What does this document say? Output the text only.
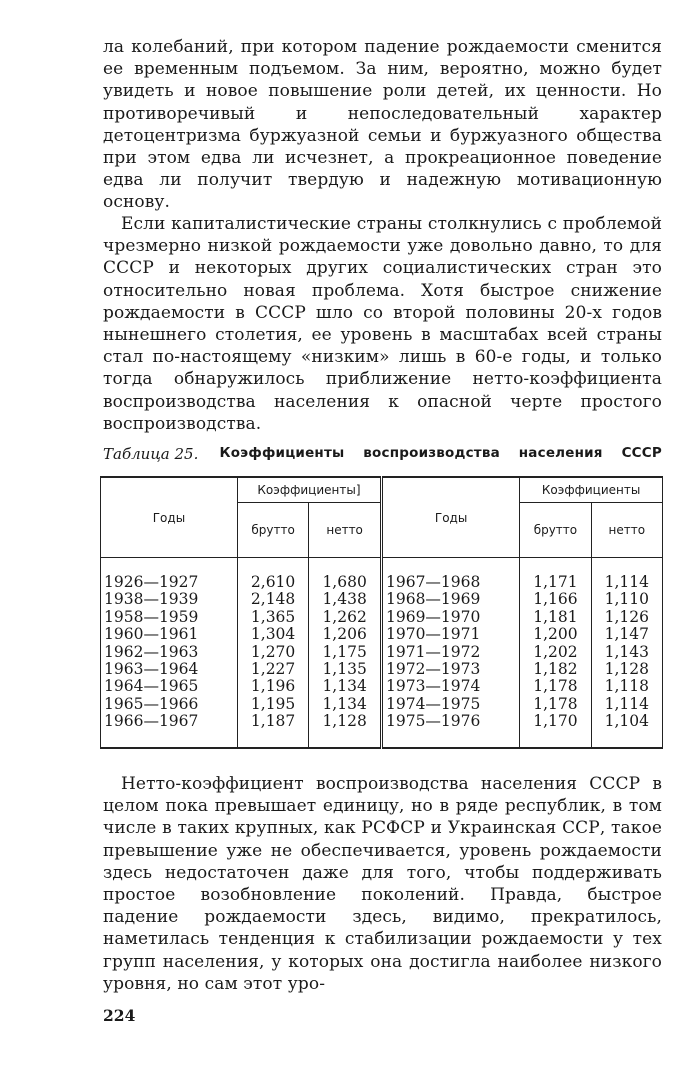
ла колебаний, при котором падение рождаемости сменится ее временным подъемом. За ним, вероятно, можно будет увидеть и новое повышение роли детей, их ценности. Но противоречивый и непоследовательный характер детоцентризма буржуазной семьи и буржуазного общества при этом едва ли исчезнет, а прокреационное поведение едва ли получит твердую и надежную мотивационную основу.

Если капиталистические страны столкнулись с проблемой чрезмерно низкой рождаемости уже довольно давно, то для СССР и некоторых других социалистических стран это относительно новая проблема. Хотя быстрое снижение рождаемости в СССР шло со второй половины 20-х годов нынешнего столетия, ее уровень в масштабах всей страны стал по-настоящему «низким» лишь в 60-е годы, и только тогда обнаружилось приближение нетто-коэффициента воспроизводства населения к опасной черте простого воспроизводства.

Таблица 25. Коэффициенты воспроизводства населения СССР
Годы	Коэффициенты]		Годы	Коэффициенты	
	брутто	нетто		брутто	нетто
1926—1927	2,610	1,680	1967—1968	1,171	1,114
1938—1939	2,148	1,438	1968—1969	1,166	1,110
1958—1959	1,365	1,262	1969—1970	1,181	1,126
1960—1961	1,304	1,206	1970—1971	1,200	1,147
1962—1963	1,270	1,175	1971—1972	1,202	1,143
1963—1964	1,227	1,135	1972—1973	1,182	1,128
1964—1965	1,196	1,134	1973—1974	1,178	1,118
1965—1966	1,195	1,134	1974—1975	1,178	1,114
1966—1967	1,187	1,128	1975—1976	1,170	1,104

Нетто-коэффициент воспроизводства населения СССР в целом пока превышает единицу, но в ряде республик, в том числе в таких крупных, как РСФСР и Украинская ССР, такое превышение уже не обеспечивается, уровень рождаемости здесь недостаточен даже для того, чтобы поддерживать простое возобновление поколений. Правда, быстрое падение рождаемости здесь, видимо, прекратилось, наметилась тенденция к стабилизации рождаемости у тех групп населения, у которых она достигла наиболее низкого уровня, но сам этот уро-

224
